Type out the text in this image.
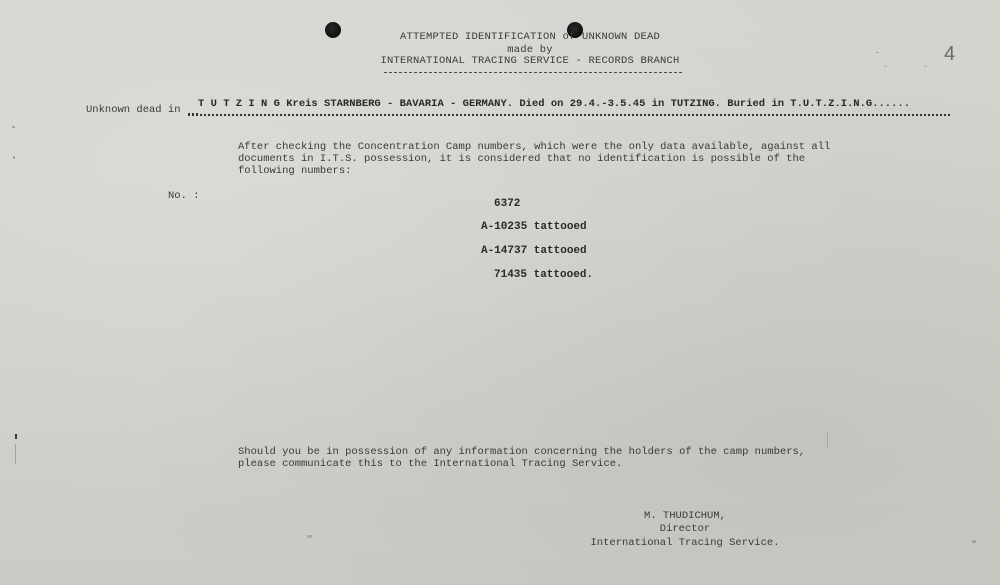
ATTEMPTED IDENTIFICATION of UNKNOWN DEAD
made by
INTERNATIONAL TRACING SERVICE - RECORDS BRANCH	4
Unknown dead in T U T Z I N G Kreis STARNBERG - BAVARIA - GERMANY. Died on 29.4.-3.5.45 in TUTZING. Buried in T.U.T.Z.I.N.G......
After checking the Concentration Camp numbers, which were the only data available, against all
documents in I.T.S. possession, it is considered that no identification is possible of the
following numbers:
No. :
6372
A-10235 tattooed
A-14737 tattooed
71435 tattooed.
Should you be in possession of any information concerning the holders of the camp numbers,
please communicate this to the International Tracing Service.
M. THUDICHUM,
Director
International Tracing Service.
